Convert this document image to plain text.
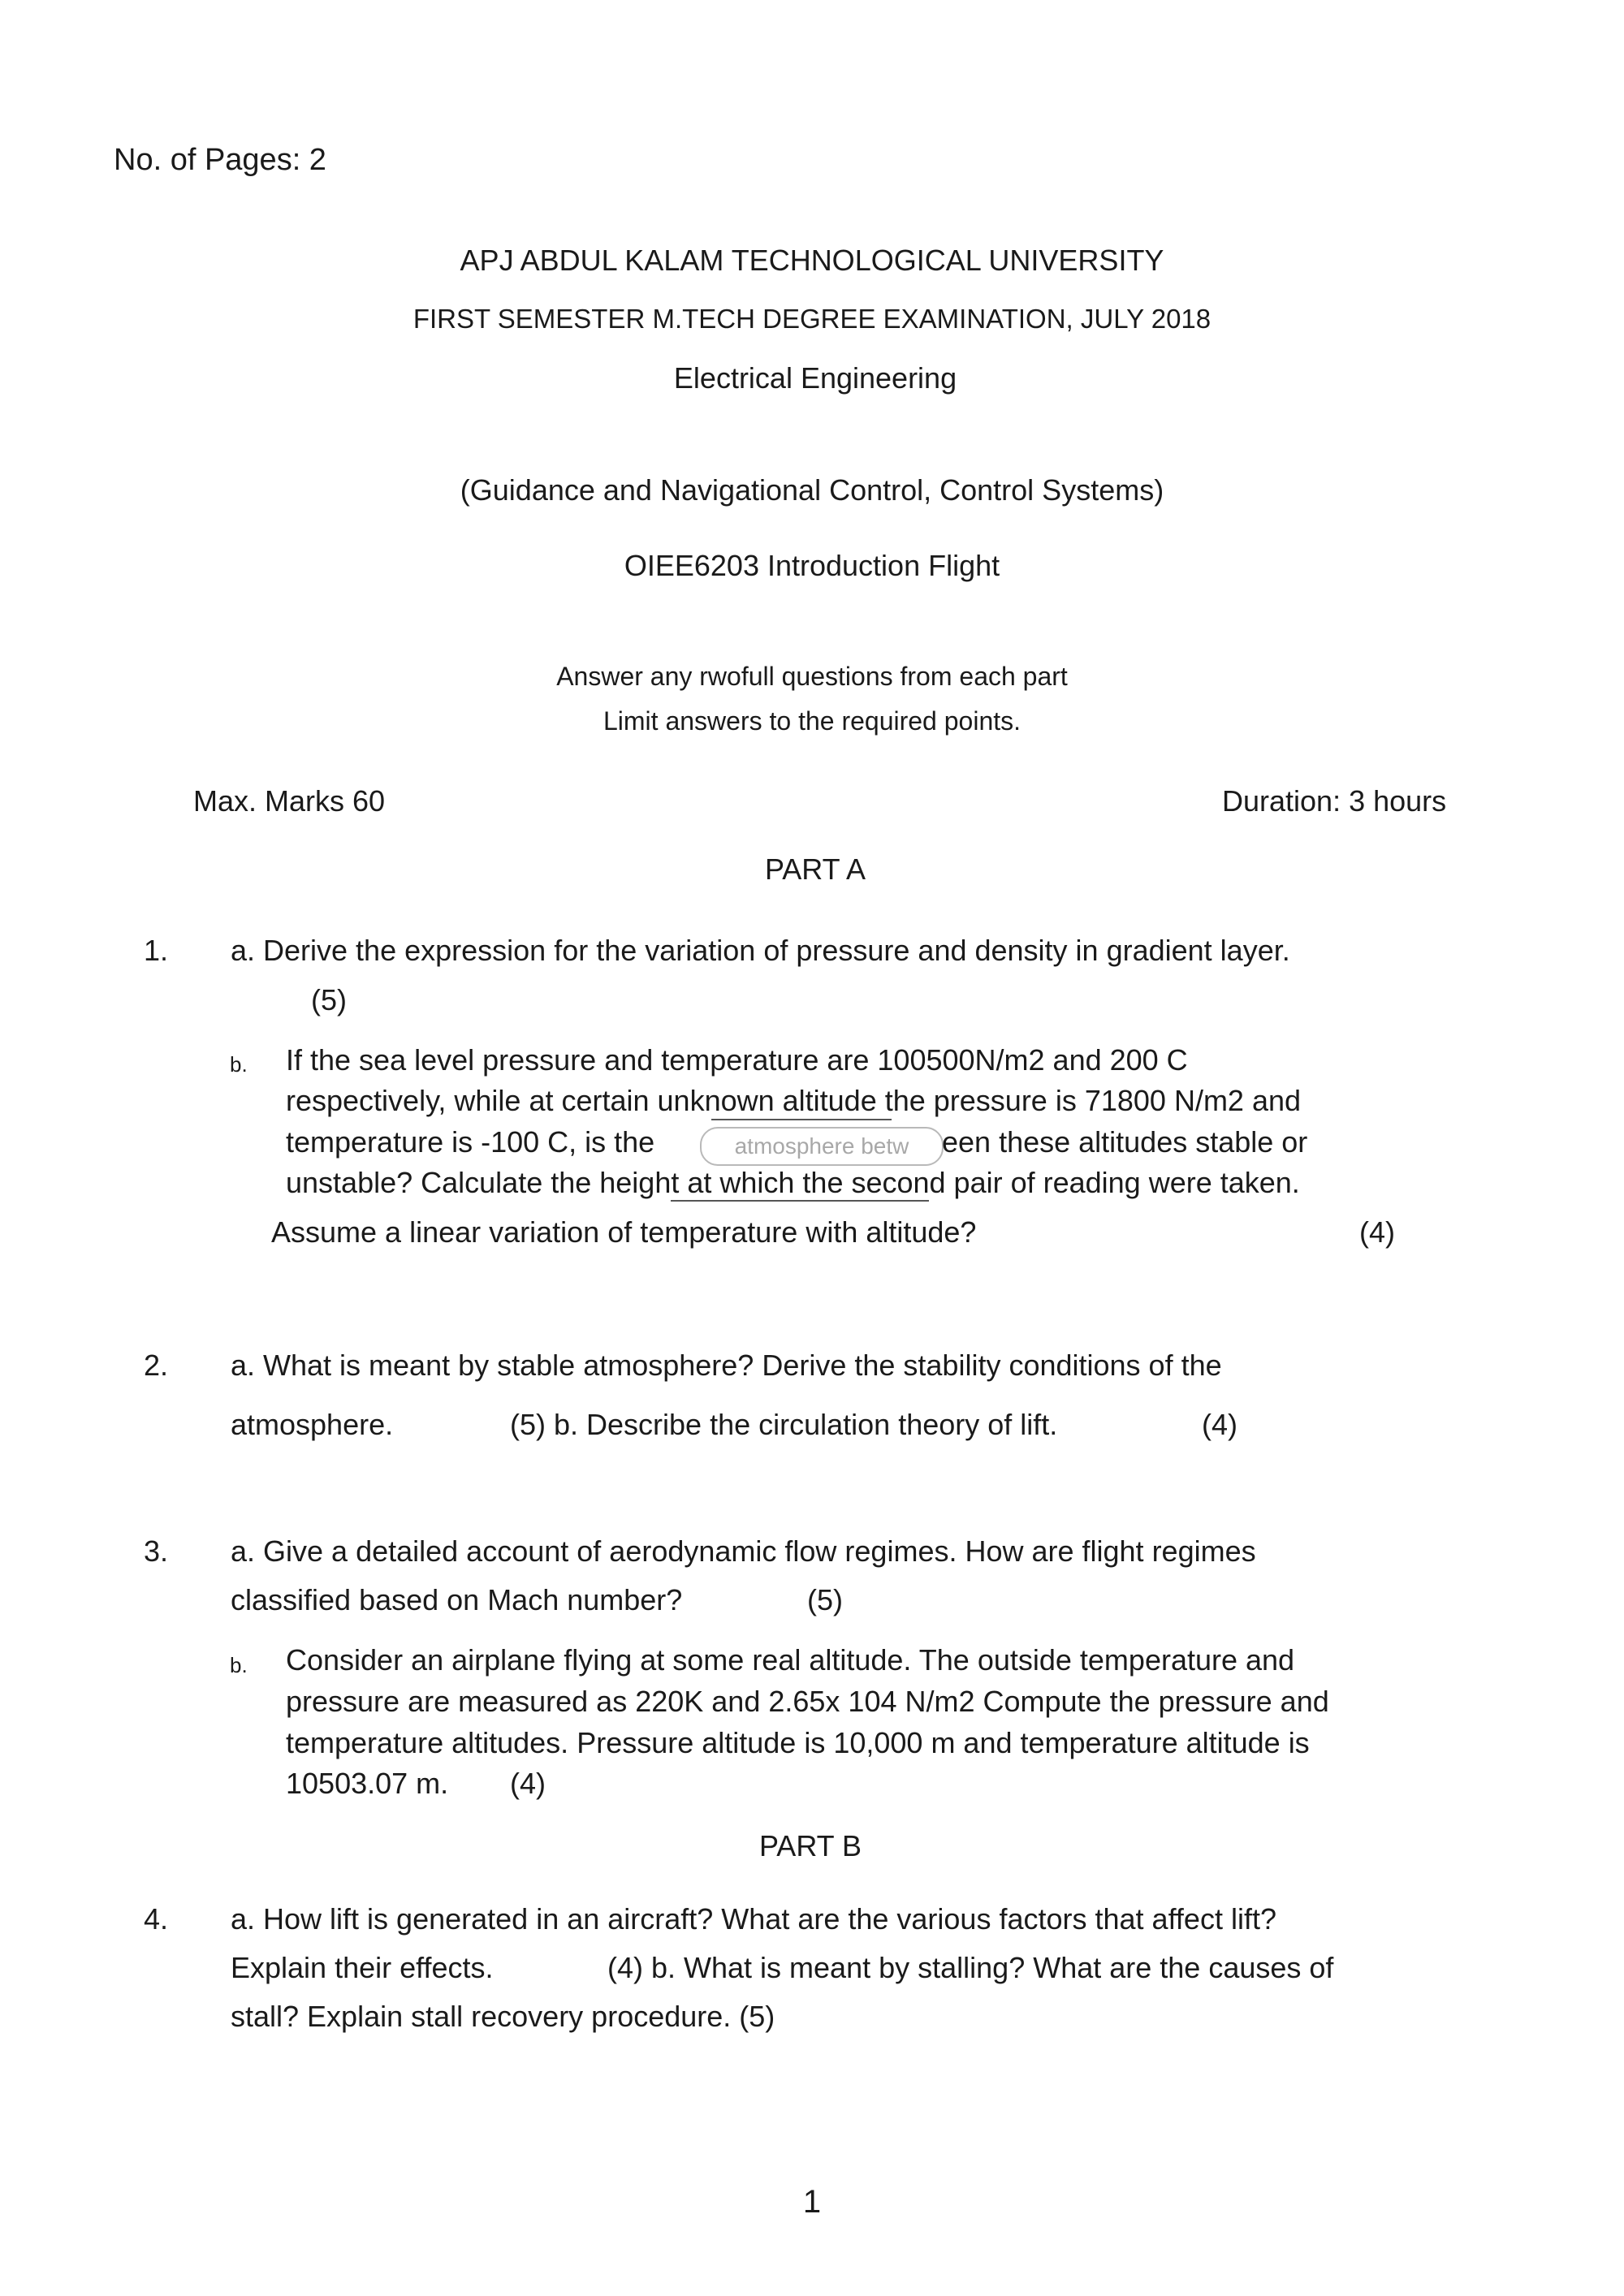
No. of Pages: 2
APJ ABDUL KALAM TECHNOLOGICAL UNIVERSITY
FIRST SEMESTER M.TECH DEGREE EXAMINATION, JULY 2018
Electrical Engineering
(Guidance and Navigational Control, Control Systems)
OIEE6203 Introduction Flight
Answer any rwofull questions from each part
Limit answers to the required points.
Max. Marks 60	Duration: 3 hours
PART A
1. a. Derive the expression for the variation of pressure and density in gradient layer.
(5)
b. If the sea level pressure and temperature are 100500N/m2 and 200 C
respectively, while at certain unknown altitude the pressure is 71800 N/m2 and
temperature is -100 C, is the	atmosphere betw	een these altitudes stable or
unstable? Calculate the height at which the second pair of reading were taken.
Assume a linear variation of temperature with altitude?	(4)
2. a. What is meant by stable atmosphere? Derive the stability conditions of the
atmosphere.	(5) b. Describe the circulation theory of lift.	(4)
3. a. Give a detailed account of aerodynamic flow regimes. How are flight regimes
classified based on Mach number?	(5)
b. Consider an airplane flying at some real altitude. The outside temperature and
pressure are measured as 220K and 2.65x 104 N/m2 Compute the pressure and
temperature altitudes. Pressure altitude is 10,000 m and temperature altitude is
10503.07 m. (4)
PART B
4. a. How lift is generated in an aircraft? What are the various factors that affect lift?
Explain their effects.	(4) b. What is meant by stalling? What are the causes of
stall? Explain stall recovery procedure. (5)
1
